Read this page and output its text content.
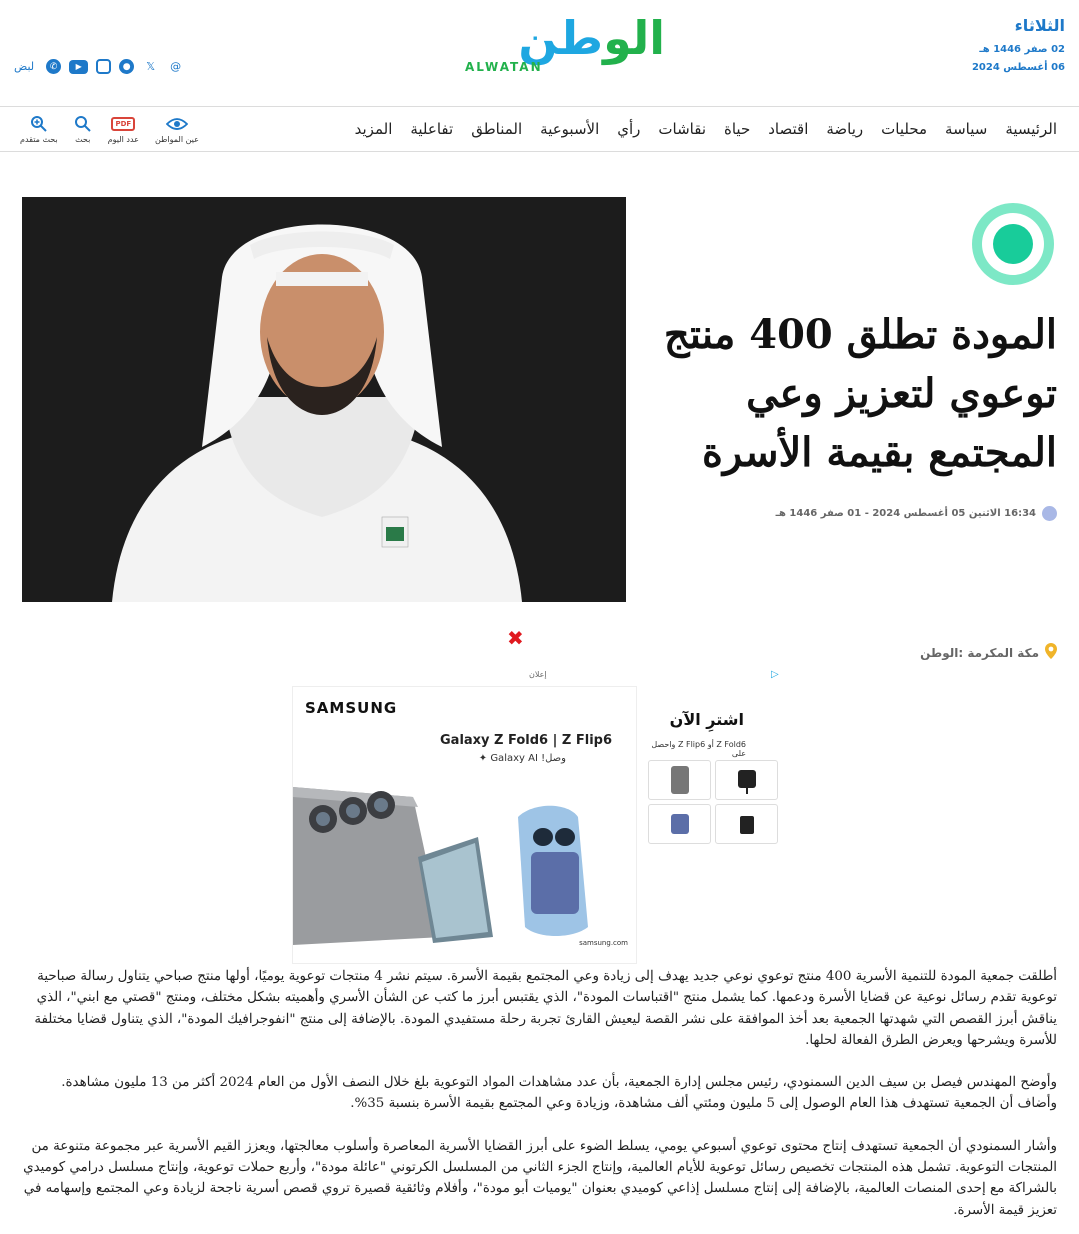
الثلاثاء
02 صفر 1446 هـ
06 أغسطس 2024
الوطن
ALWATAN
لبض	✆	▶	●	𝕏	@
الرئيسية
سياسة
محليات
رياضة
اقتصاد
حياة
نقاشات
رأي
الأسبوعية
المناطق
تفاعلية
المزيد
بحث متقدم بحث
PDF
عدد اليوم عين المواطن
المودة تطلق 400 منتج توعوي لتعزيز وعي المجتمع بقيمة الأسرة
16:34 الاثنين 05 أغسطس 2024 - 01 صفر 1446 هـ
✖
مكة المكرمة :الوطن
إعلان	▷
SAMSUNG
Galaxy Z Fold6 | Z Flip6
وصل! Galaxy AI ✦
samsung.com
اشترِ الآن
Z Fold6 أو Z Flip6 واحصل على

أطلقت جمعية المودة للتنمية الأسرية 400 منتج توعوي نوعي جديد يهدف إلى زيادة وعي المجتمع بقيمة الأسرة. سيتم نشر 4 منتجات توعوية يوميًا، أولها منتج صباحي يتناول رسالة صباحية توعوية تقدم رسائل نوعية عن قضايا الأسرة ودعمها. كما يشمل منتج "اقتباسات المودة"، الذي يقتبس أبرز ما كتب عن الشأن الأسري وأهميته بشكل مختلف، ومنتج "قصتي مع ابني"، الذي يناقش أبرز القصص التي شهدتها الجمعية بعد أخذ الموافقة على نشر القصة ليعيش القارئ تجربة رحلة مستفيدي المودة. بالإضافة إلى منتج "انفوجرافيك المودة"، الذي يتناول قضايا مختلفة للأسرة ويشرحها ويعرض الطرق الفعالة لحلها.

وأوضح المهندس فيصل بن سيف الدين السمنودي، رئيس مجلس إدارة الجمعية، بأن عدد مشاهدات المواد التوعوية بلغ خلال النصف الأول من العام 2024 أكثر من 13 مليون مشاهدة. وأضاف أن الجمعية تستهدف هذا العام الوصول إلى 5 مليون ومئتي ألف مشاهدة، وزيادة وعي المجتمع بقيمة الأسرة بنسبة 35%.

وأشار السمنودي أن الجمعية تستهدف إنتاج محتوى توعوي أسبوعي يومي، يسلط الضوء على أبرز القضايا الأسرية المعاصرة وأسلوب معالجتها، ويعزز القيم الأسرية عبر مجموعة متنوعة من المنتجات التوعوية. تشمل هذه المنتجات تخصيص رسائل توعوية للأيام العالمية، وإنتاج الجزء الثاني من المسلسل الكرتوني "عائلة مودة"، وأربع حملات توعوية، وإنتاج مسلسل درامي كوميدي بالشراكة مع إحدى المنصات العالمية، بالإضافة إلى إنتاج مسلسل إذاعي كوميدي بعنوان "يوميات أبو مودة"، وأفلام وثائقية قصيرة تروي قصص أسرية ناجحة لزيادة وعي المجتمع وإسهامه في تعزيز قيمة الأسرة.
